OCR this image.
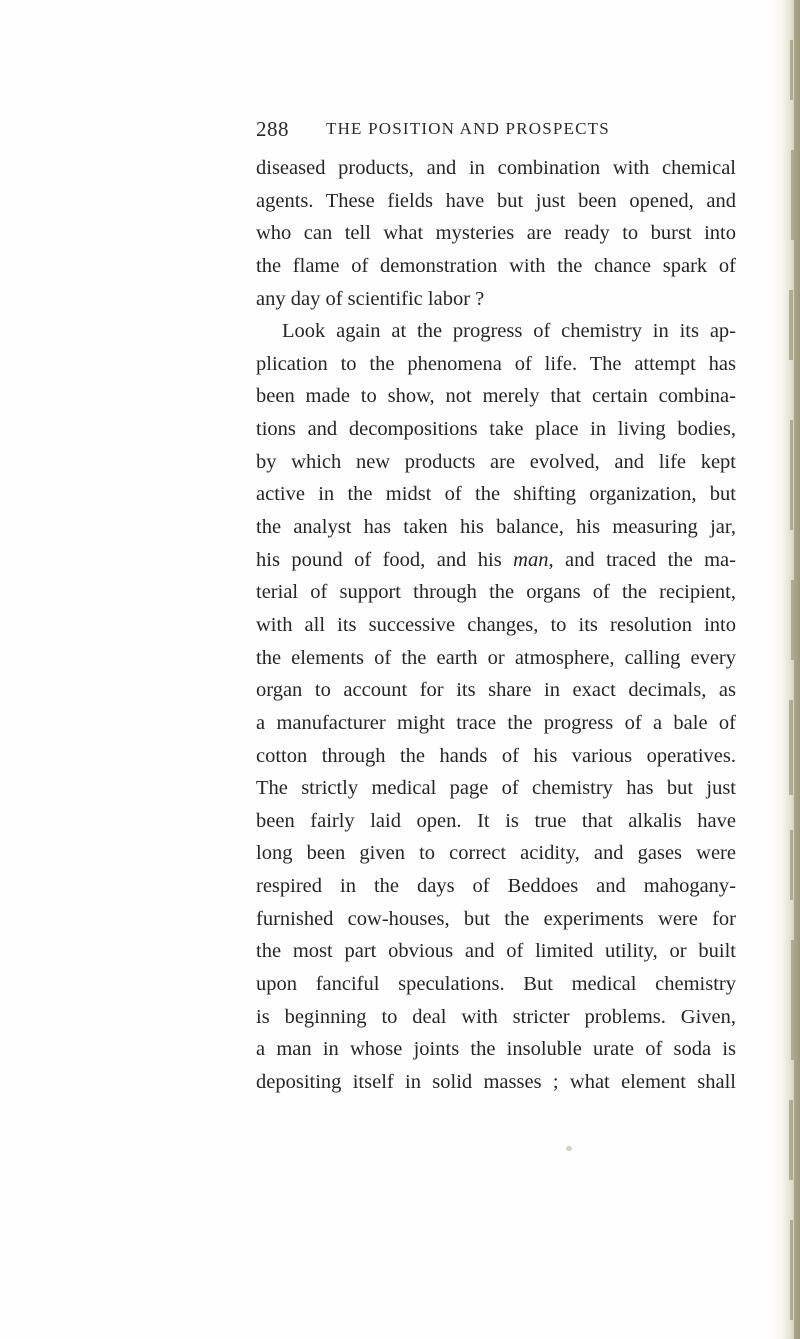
288 THE POSITION AND PROSPECTS
diseased products, and in combination with chemical
agents. These fields have but just been opened, and
who can tell what mysteries are ready to burst into
the flame of demonstration with the chance spark of
any day of scientific labor ?
Look again at the progress of chemistry in its ap-
plication to the phenomena of life. The attempt has
been made to show, not merely that certain combina-
tions and decompositions take place in living bodies,
by which new products are evolved, and life kept
active in the midst of the shifting organization, but
the analyst has taken his balance, his measuring jar,
his pound of food, and his man, and traced the ma-
terial of support through the organs of the recipient,
with all its successive changes, to its resolution into
the elements of the earth or atmosphere, calling every
organ to account for its share in exact decimals, as
a manufacturer might trace the progress of a bale of
cotton through the hands of his various operatives.
The strictly medical page of chemistry has but just
been fairly laid open. It is true that alkalis have
long been given to correct acidity, and gases were
respired in the days of Beddoes and mahogany-
furnished cow-houses, but the experiments were for
the most part obvious and of limited utility, or built
upon fanciful speculations. But medical chemistry
is beginning to deal with stricter problems. Given,
a man in whose joints the insoluble urate of soda is
depositing itself in solid masses ; what element shall
